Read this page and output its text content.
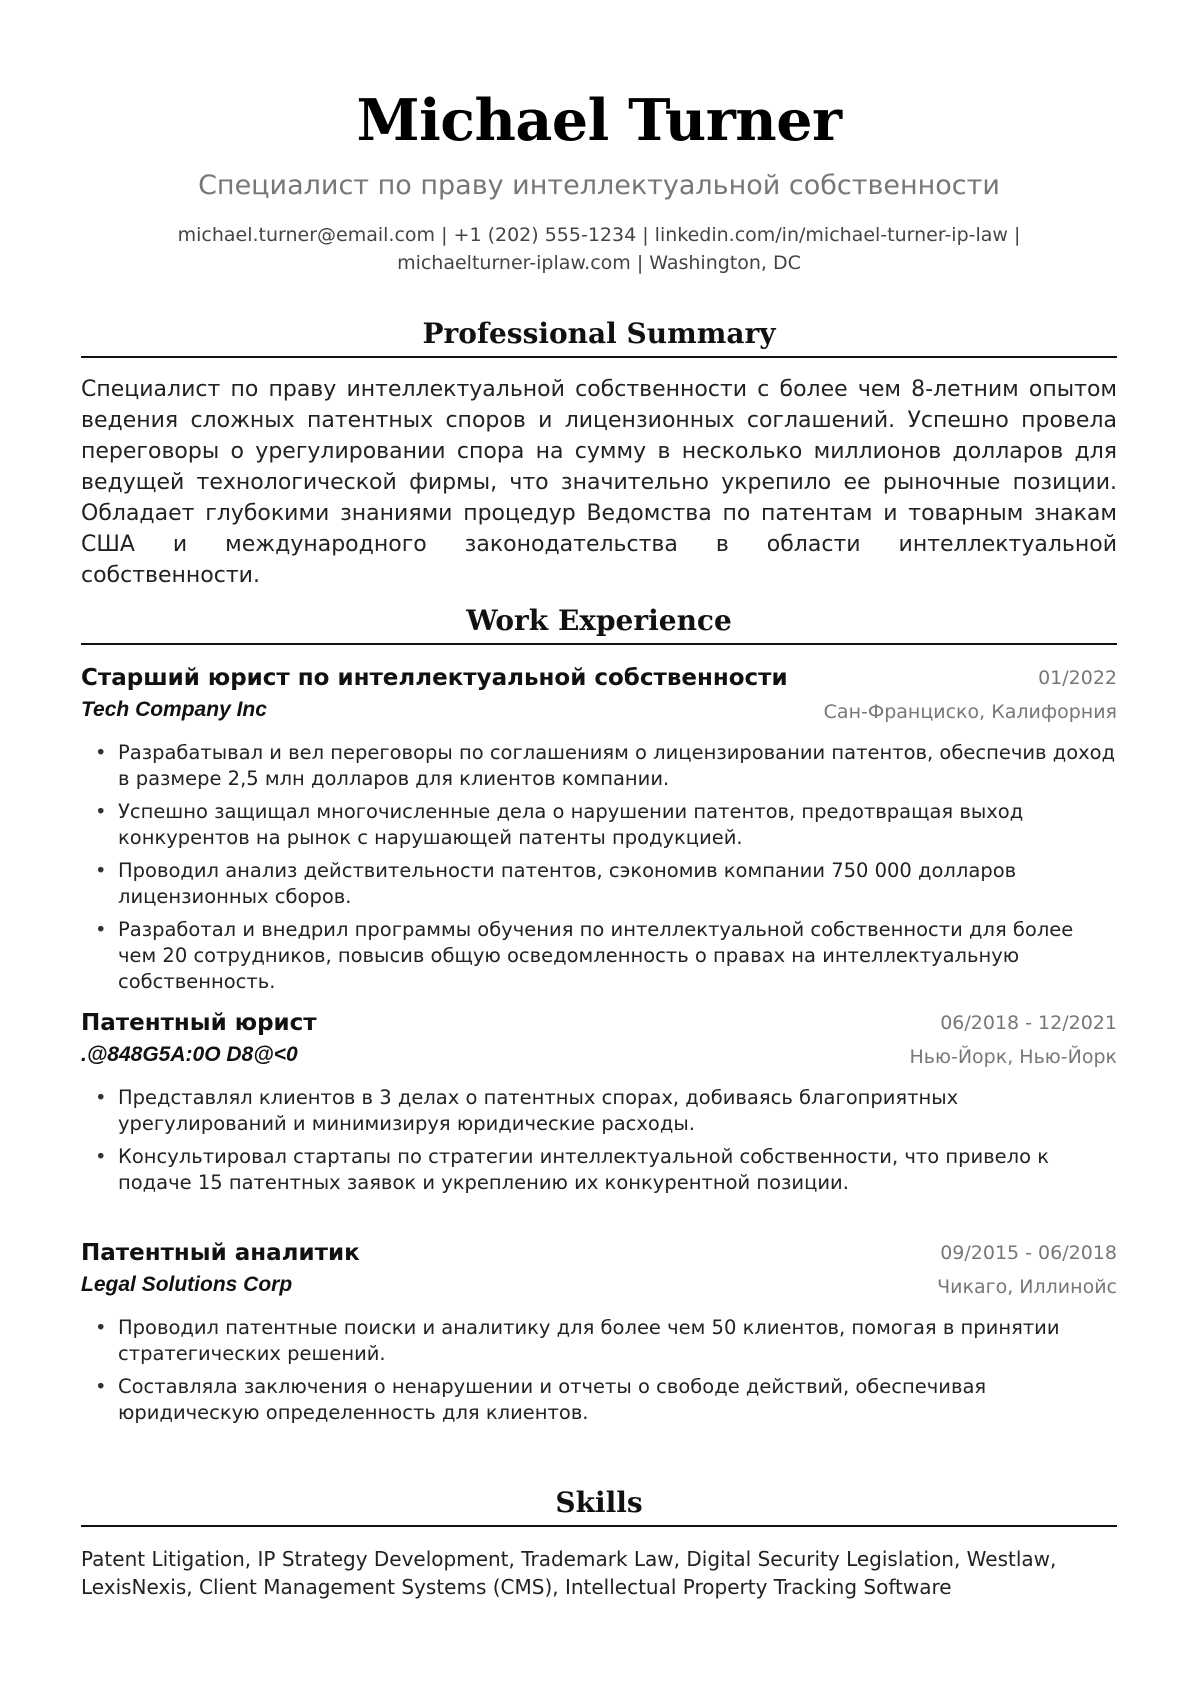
Michael Turner
Специалист по праву интеллектуальной собственности
michael.turner@email.com | +1 (202) 555-1234 | linkedin.com/in/michael-turner-ip-law |
michaelturner-iplaw.com | Washington, DC
Professional Summary
Специалист по праву интеллектуальной собственности с более чем 8-летним опытом ведения сложных патентных споров и лицензионных соглашений. Успешно провела переговоры о урегулировании спора на сумму в несколько миллионов долларов для ведущей технологической фирмы, что значительно укрепило ее рыночные позиции. Обладает глубокими знаниями процедур Ведомства по патентам и товарным знакам США и международного законодательства в области интеллектуальной собственности.
Work Experience
Старший юрист по интеллектуальной собственности	01/2022
Tech Company Inc	Сан-Франциско, Калифорния
• Разрабатывал и вел переговоры по соглашениям о лицензировании патентов, обеспечив доход в размере 2,5 млн долларов для клиентов компании.
• Успешно защищал многочисленные дела о нарушении патентов, предотвращая выход конкурентов на рынок с нарушающей патенты продукцией.
• Проводил анализ действительности патентов, сэкономив компании 750 000 долларов лицензионных сборов.
• Разработал и внедрил программы обучения по интеллектуальной собственности для более чем 20 сотрудников, повысив общую осведомленность о правах на интеллектуальную собственность.
Патентный юрист	06/2018 - 12/2021
.@848G5A:0O D8@<0	Нью-Йорк, Нью-Йорк
• Представлял клиентов в 3 делах о патентных спорах, добиваясь благоприятных урегулирований и минимизируя юридические расходы.
• Консультировал стартапы по стратегии интеллектуальной собственности, что привело к подаче 15 патентных заявок и укреплению их конкурентной позиции.
Патентный аналитик	09/2015 - 06/2018
Legal Solutions Corp	Чикаго, Иллинойс
• Проводил патентные поиски и аналитику для более чем 50 клиентов, помогая в принятии стратегических решений.
• Составляла заключения о ненарушении и отчеты о свободе действий, обеспечивая юридическую определенность для клиентов.
Skills
Patent Litigation, IP Strategy Development, Trademark Law, Digital Security Legislation, Westlaw, LexisNexis, Client Management Systems (CMS), Intellectual Property Tracking Software
